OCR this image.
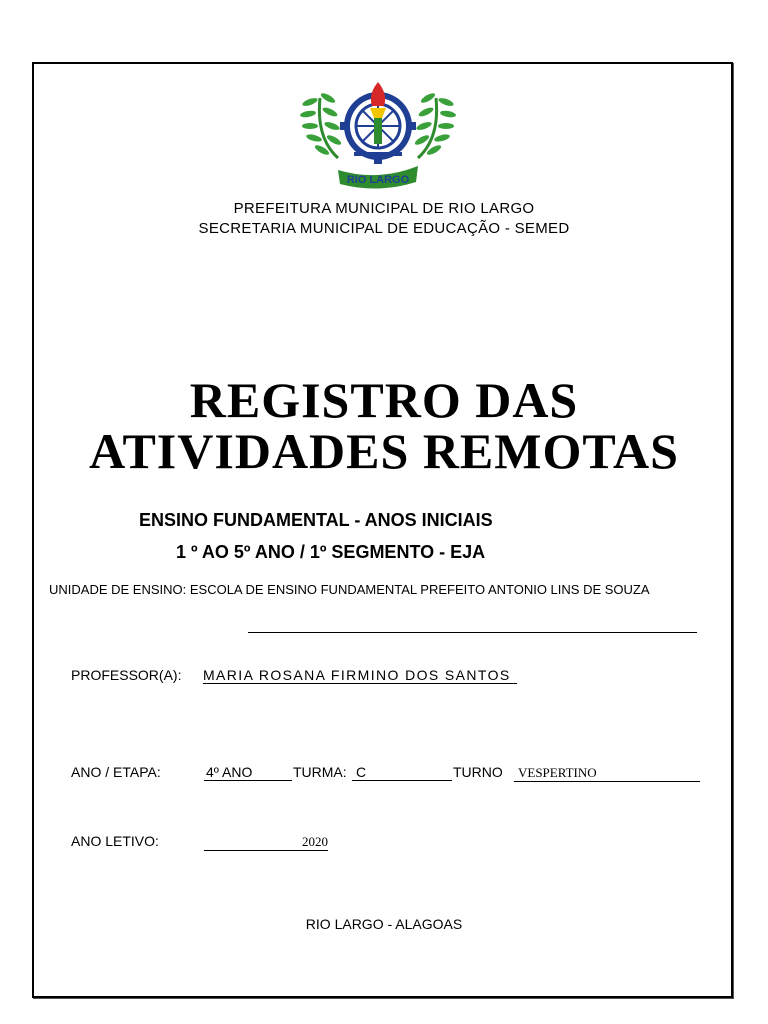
RIO LARGO
PREFEITURA MUNICIPAL DE RIO LARGO
SECRETARIA MUNICIPAL DE EDUCAÇÃO - SEMED
REGISTRO DAS
ATIVIDADES REMOTAS
ENSINO FUNDAMENTAL - ANOS INICIAIS
1 º AO 5º ANO / 1º SEGMENTO - EJA
UNIDADE DE ENSINO: ESCOLA DE ENSINO FUNDAMENTAL PREFEITO ANTONIO LINS DE SOUZA
PROFESSOR(A): MARIA ROSANA FIRMINO DOS SANTOS
ANO / ETAPA:	4º ANO	TURMA: C	TURNO	VESPERTINO
ANO LETIVO:	2020
RIO LARGO - ALAGOAS
